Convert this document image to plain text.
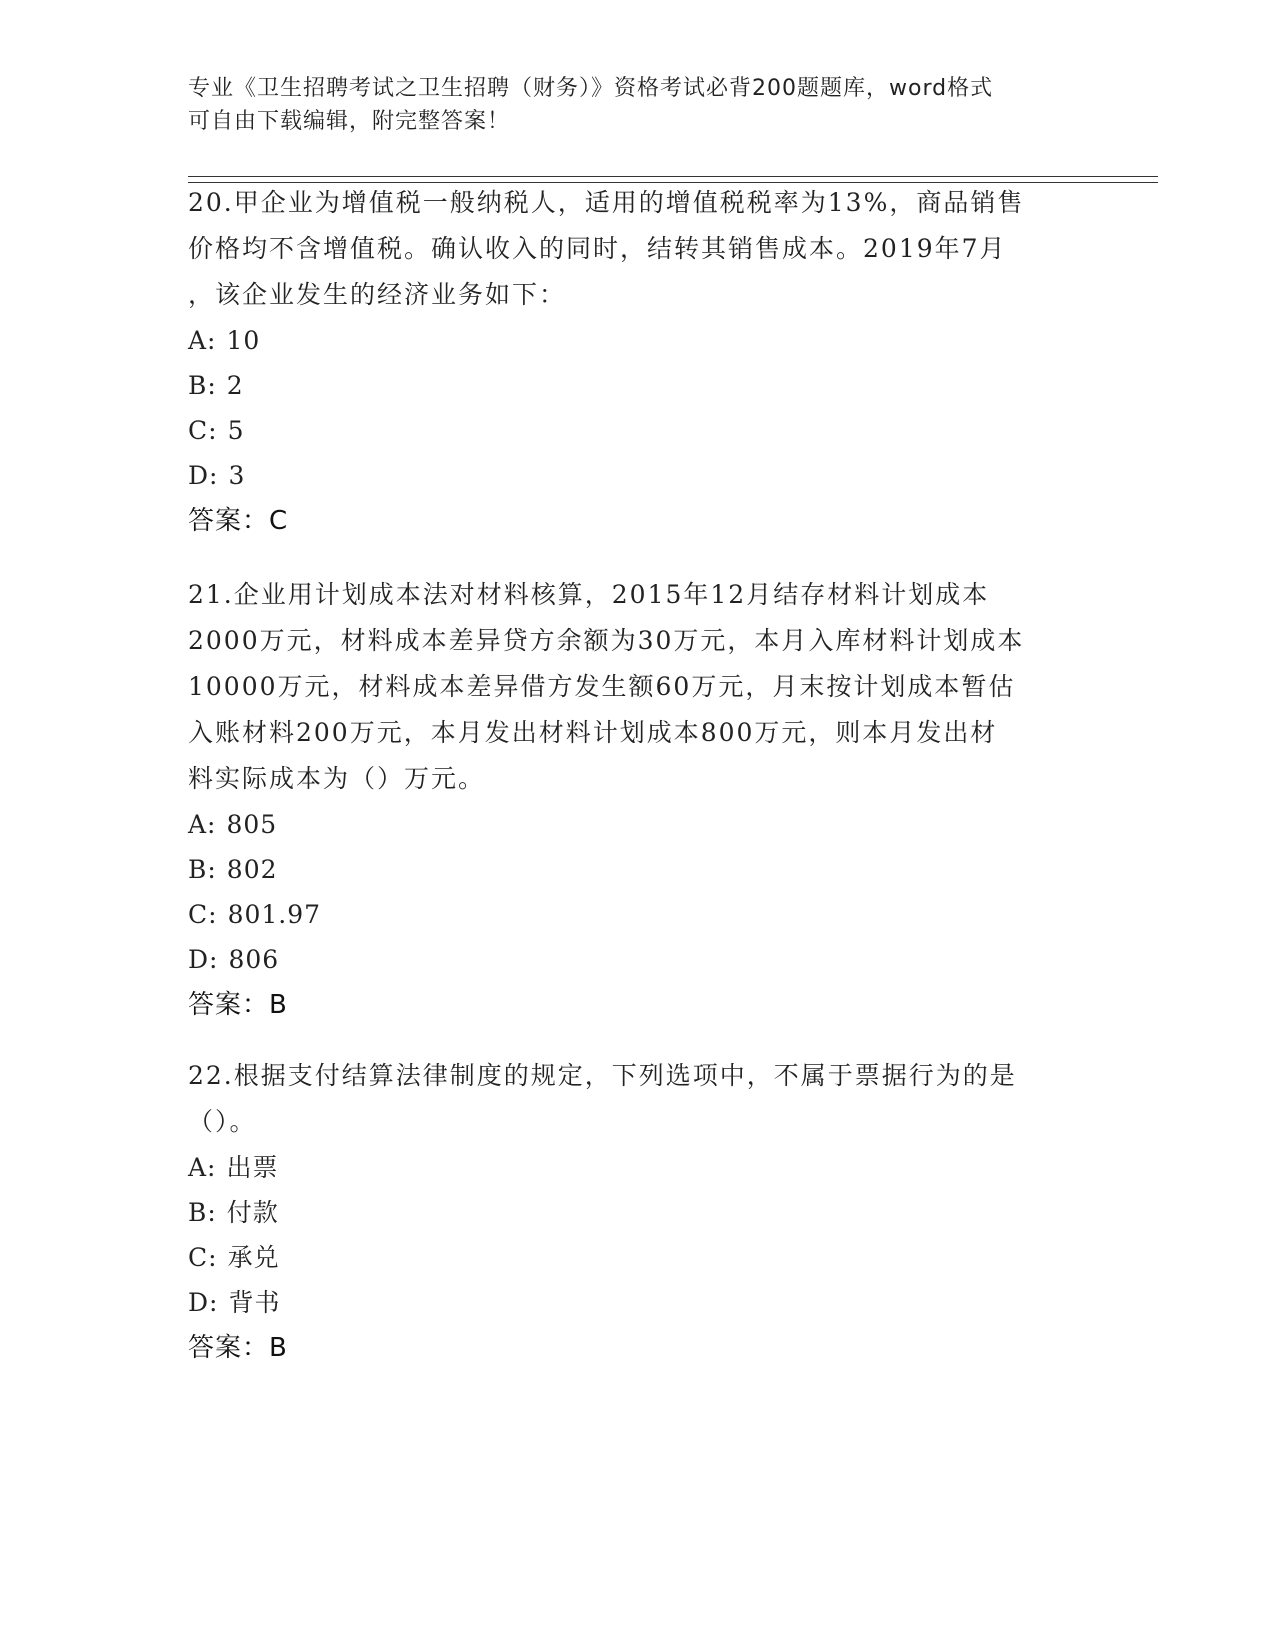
专业《卫生招聘考试之卫生招聘（财务）》资格考试必背200题题库，word格式
可自由下载编辑，附完整答案！
20.甲企业为增值税一般纳税人，适用的增值税税率为13%，商品销售
价格均不含增值税。确认收入的同时，结转其销售成本。2019年7月
，该企业发生的经济业务如下：
A: 10
B: 2
C: 5
D: 3
答案：C
21.企业用计划成本法对材料核算，2015年12月结存材料计划成本
2000万元，材料成本差异贷方余额为30万元，本月入库材料计划成本
10000万元，材料成本差异借方发生额60万元，月末按计划成本暂估
入账材料200万元，本月发出材料计划成本800万元，则本月发出材
料实际成本为（）万元。
A: 805
B: 802
C: 801.97
D: 806
答案：B
22.根据支付结算法律制度的规定，下列选项中，不属于票据行为的是
（）。
A: 出票
B: 付款
C: 承兑
D: 背书
答案：B
